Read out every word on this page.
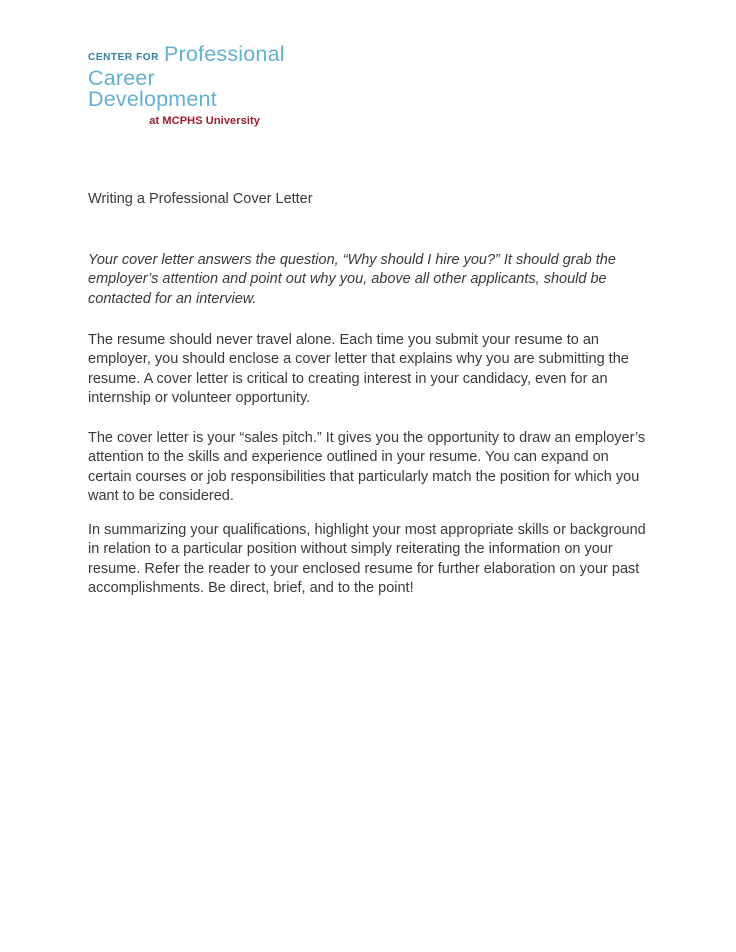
CENTER FOR Professional
Career Development
at MCPHS University

Writing a Professional Cover Letter

Your cover letter answers the question, “Why should I hire you?” It should grab the employer’s attention and point out why you, above all other applicants, should be contacted for an interview.

The resume should never travel alone. Each time you submit your resume to an employer, you should enclose a cover letter that explains why you are submitting the resume. A cover letter is critical to creating interest in your candidacy, even for an internship or volunteer opportunity.

The cover letter is your “sales pitch.” It gives you the opportunity to draw an employer’s attention to the skills and experience outlined in your resume. You can expand on certain courses or job responsibilities that particularly match the position for which you want to be considered.

In summarizing your qualifications, highlight your most appropriate skills or background in relation to a particular position without simply reiterating the information on your resume. Refer the reader to your enclosed resume for further elaboration on your past accomplishments. Be direct, brief, and to the point!
